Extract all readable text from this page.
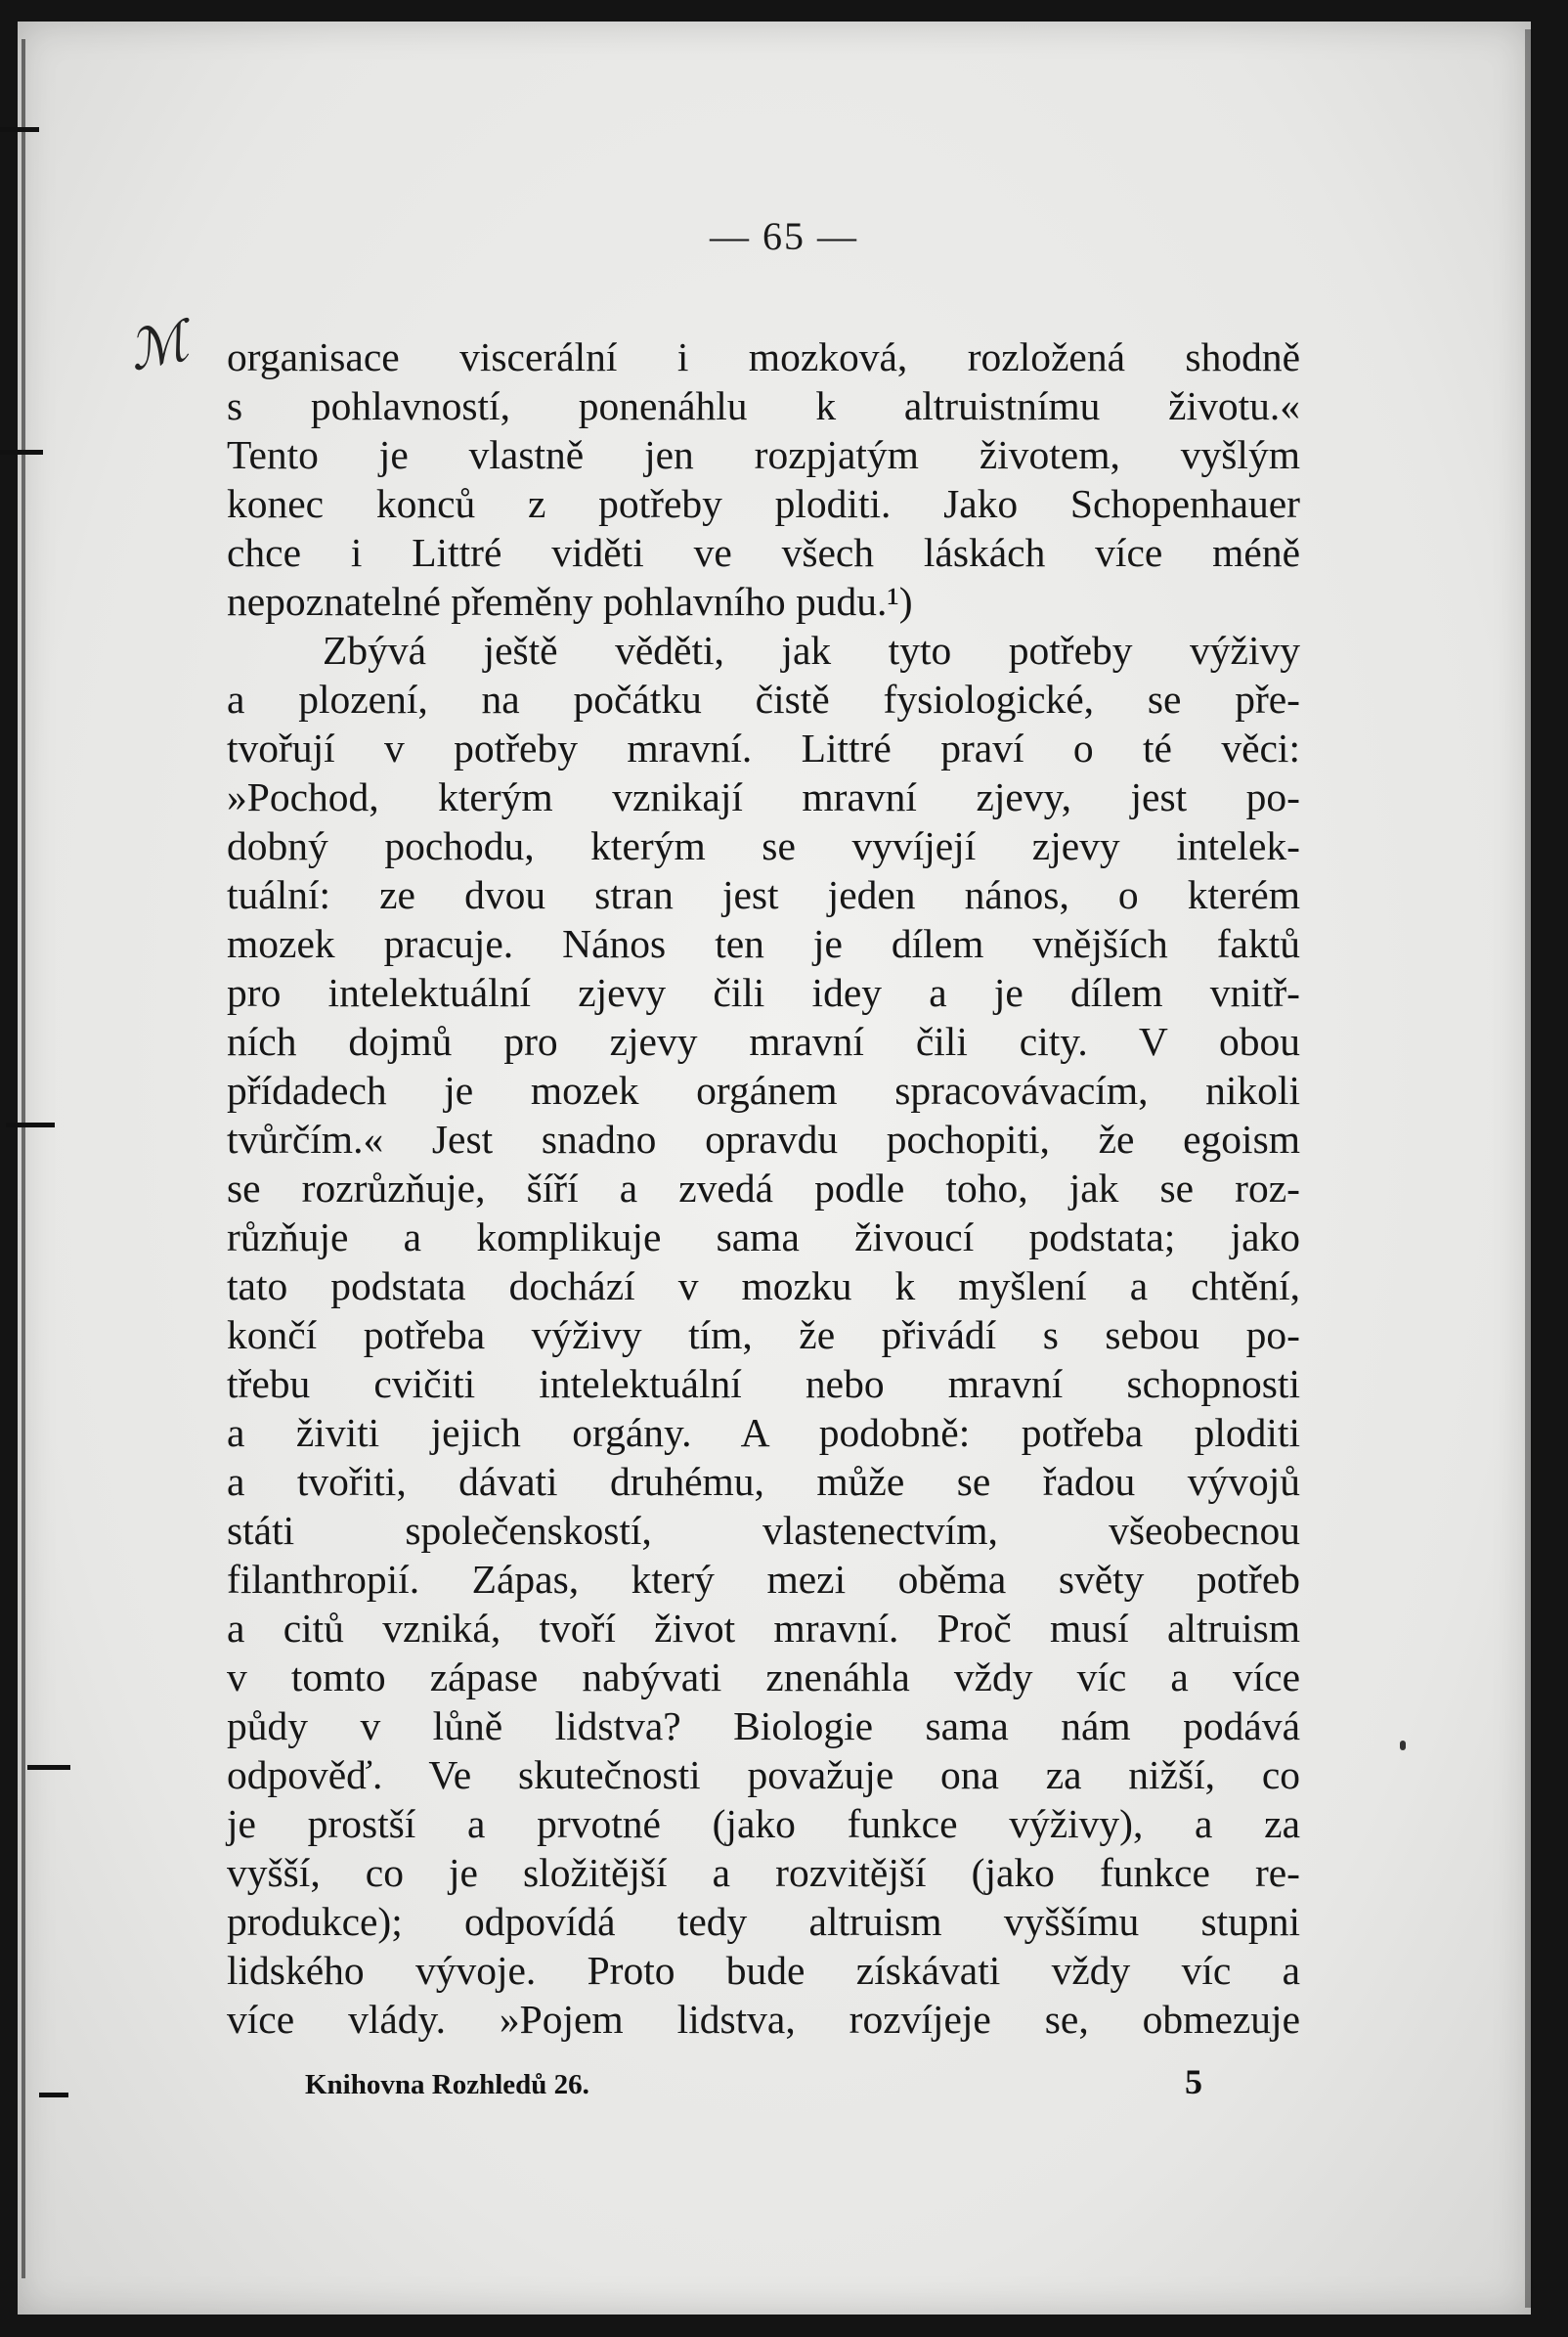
— 65 —
ℳ organisace viscerální i mozková, rozložená shodně
s pohlavností, ponenáhlu k altruistnímu životu.«
Tento je vlastně jen rozpjatým životem, vyšlým
konec konců z potřeby ploditi. Jako Schopenhauer
chce i Littré viděti ve všech láskách více méně
nepoznatelné přeměny pohlavního pudu.¹)
Zbývá ještě věděti, jak tyto potřeby výživy
a plození, na počátku čistě fysiologické, se pře-
tvořují v potřeby mravní. Littré praví o té věci:
»Pochod, kterým vznikají mravní zjevy, jest po-
dobný pochodu, kterým se vyvíjejí zjevy intelek-
tuální: ze dvou stran jest jeden nános, o kterém
mozek pracuje. Nános ten je dílem vnějších faktů
pro intelektuální zjevy čili idey a je dílem vnitř-
ních dojmů pro zjevy mravní čili city. V obou
přídadech je mozek orgánem spracovávacím, nikoli
tvůrčím.« Jest snadno opravdu pochopiti, že egoism
se rozrůzňuje, šíří a zvedá podle toho, jak se roz-
růzňuje a komplikuje sama živoucí podstata; jako
tato podstata dochází v mozku k myšlení a chtění,
končí potřeba výživy tím, že přivádí s sebou po-
třebu cvičiti intelektuální nebo mravní schopnosti
a živiti jejich orgány. A podobně: potřeba ploditi
a tvořiti, dávati druhému, může se řadou vývojů
státi společenskostí, vlastenectvím, všeobecnou
filanthropií. Zápas, který mezi oběma světy potřeb
a citů vzniká, tvoří život mravní. Proč musí altruism
v tomto zápase nabývati znenáhla vždy víc a více
půdy v lůně lidstva? Biologie sama nám podává
odpověď. Ve skutečnosti považuje ona za nižší, co
je prostší a prvotné (jako funkce výživy), a za
vyšší, co je složitější a rozvitější (jako funkce re-
produkce); odpovídá tedy altruism vyššímu stupni
lidského vývoje. Proto bude získávati vždy víc a
více vlády. »Pojem lidstva, rozvíjeje se, obmezuje
Knihovna Rozhledů 26.	5
